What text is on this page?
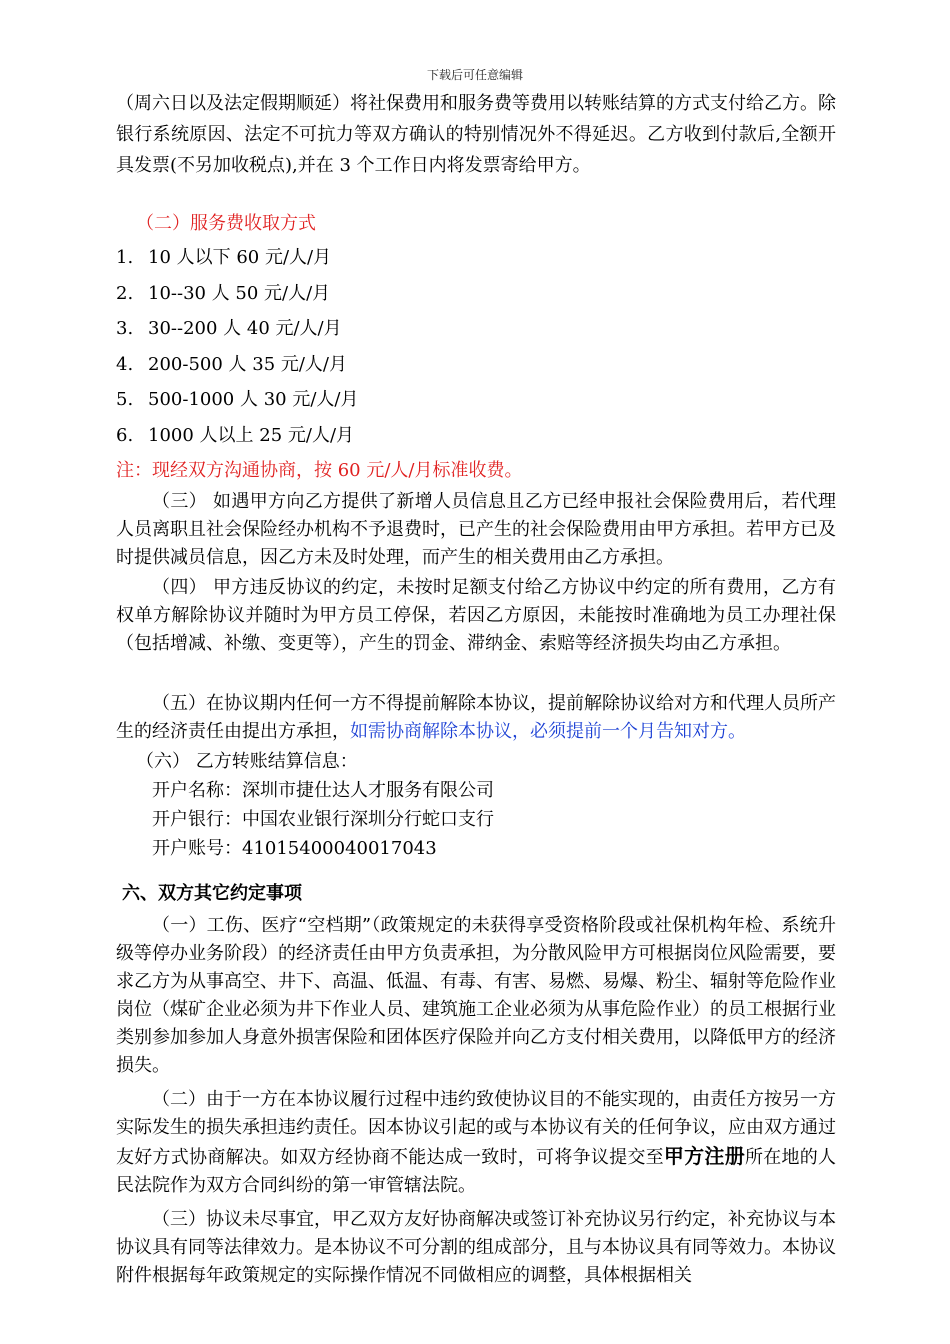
下载后可任意编辑
（周六日以及法定假期顺延）将社保费用和服务费等费用以转账结算的方式支付给乙方。除银行系统原因、法定不可抗力等双方确认的特别情况外不得延迟。乙方收到付款后,全额开具发票(不另加收税点),并在 3 个工作日内将发票寄给甲方。
（二）服务费收取方式
1. 10 人以下 60 元/人/月
2. 10--30 人 50 元/人/月
3. 30--200 人 40 元/人/月
4. 200-500 人 35 元/人/月
5. 500-1000 人 30 元/人/月
6. 1000 人以上 25 元/人/月
注：现经双方沟通协商，按 60 元/人/月标准收费。
（三） 如遇甲方向乙方提供了新增人员信息且乙方已经申报社会保险费用后，若代理人员离职且社会保险经办机构不予退费时，已产生的社会保险费用由甲方承担。若甲方已及时提供减员信息，因乙方未及时处理，而产生的相关费用由乙方承担。
（四） 甲方违反协议的约定，未按时足额支付给乙方协议中约定的所有费用，乙方有权单方解除协议并随时为甲方员工停保，若因乙方原因，未能按时准确地为员工办理社保（包括增减、补缴、变更等），产生的罚金、滞纳金、索赔等经济损失均由乙方承担。
（五）在协议期内任何一方不得提前解除本协议，提前解除协议给对方和代理人员所产生的经济责任由提出方承担，如需协商解除本协议，必须提前一个月告知对方。
（六） 乙方转账结算信息：
开户名称：深圳市捷仕达人才服务有限公司
开户银行：中国农业银行深圳分行蛇口支行
开户账号：41015400040017043
六、双方其它约定事项
（一）工伤、医疗“空档期”（政策规定的未获得享受资格阶段或社保机构年检、系统升级等停办业务阶段）的经济责任由甲方负责承担，为分散风险甲方可根据岗位风险需要，要求乙方为从事高空、井下、高温、低温、有毒、有害、易燃、易爆、粉尘、辐射等危险作业岗位（煤矿企业必须为井下作业人员、建筑施工企业必须为从事危险作业）的员工根据行业类别参加参加人身意外损害保险和团体医疗保险并向乙方支付相关费用，以降低甲方的经济损失。
（二）由于一方在本协议履行过程中违约致使协议目的不能实现的，由责任方按另一方实际发生的损失承担违约责任。因本协议引起的或与本协议有关的任何争议，应由双方通过友好方式协商解决。如双方经协商不能达成一致时，可将争议提交至甲方注册所在地的人民法院作为双方合同纠纷的第一审管辖法院。
（三）协议未尽事宜，甲乙双方友好协商解决或签订补充协议另行约定，补充协议与本协议具有同等法律效力。是本协议不可分割的组成部分，且与本协议具有同等效力。本协议附件根据每年政策规定的实际操作情况不同做相应的调整，具体根据相关
